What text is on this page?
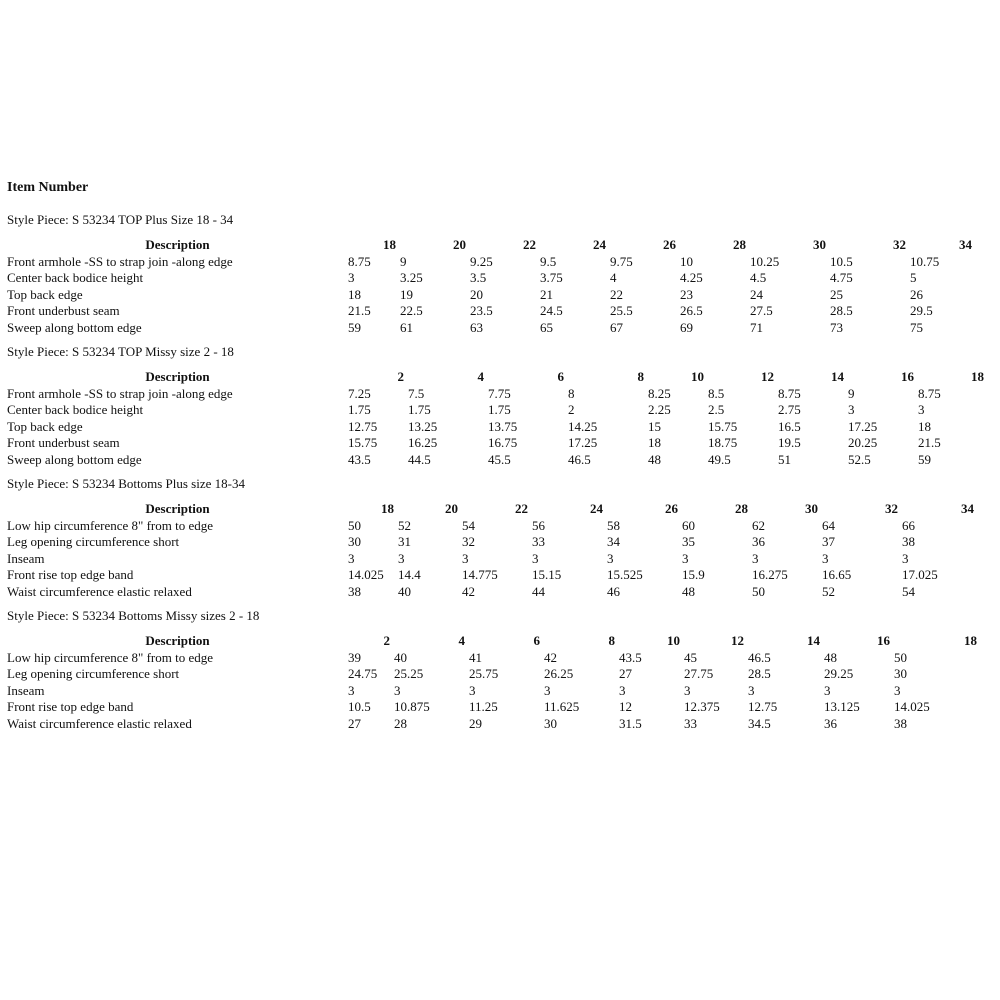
Item Number
Style Piece: S 53234 TOP Plus Size 18 - 34
Description	18	20	22	24	26	28	30	32	34
Front armhole -SS to strap join -along edge	8.75	9	9.25	9.5	9.75	10	10.25	10.5	10.75
Center back bodice height	3	3.25	3.5	3.75	4	4.25	4.5	4.75	5
Top back edge	18	19	20	21	22	23	24	25	26
Front underbust seam	21.5	22.5	23.5	24.5	25.5	26.5	27.5	28.5	29.5
Sweep along bottom edge	59	61	63	65	67	69	71	73	75
Style Piece: S 53234 TOP Missy size 2 - 18
Description	2	4	6	8	10	12	14	16	18
Front armhole -SS to strap join -along edge	7.25	7.5	7.75	8	8.25	8.5	8.75	9	8.75
Center back bodice height	1.75	1.75	1.75	2	2.25	2.5	2.75	3	3
Top back edge	12.75	13.25	13.75	14.25	15	15.75	16.5	17.25	18
Front underbust seam	15.75	16.25	16.75	17.25	18	18.75	19.5	20.25	21.5
Sweep along bottom edge	43.5	44.5	45.5	46.5	48	49.5	51	52.5	59
Style Piece: S 53234 Bottoms Plus size 18-34
Description	18	20	22	24	26	28	30	32	34
Low hip circumference 8" from to edge	50	52	54	56	58	60	62	64	66
Leg opening circumference short	30	31	32	33	34	35	36	37	38
Inseam	3	3	3	3	3	3	3	3	3
Front rise top edge band	14.025	14.4	14.775	15.15	15.525	15.9	16.275	16.65	17.025
Waist circumference elastic relaxed	38	40	42	44	46	48	50	52	54
Style Piece: S 53234 Bottoms Missy sizes 2 - 18
Description	2	4	6	8	10	12	14	16	18
Low hip circumference 8" from to edge	39	40	41	42	43.5	45	46.5	48	50
Leg opening circumference short	24.75	25.25	25.75	26.25	27	27.75	28.5	29.25	30
Inseam	3	3	3	3	3	3	3	3	3
Front rise top edge band	10.5	10.875	11.25	11.625	12	12.375	12.75	13.125	14.025
Waist circumference elastic relaxed	27	28	29	30	31.5	33	34.5	36	38
